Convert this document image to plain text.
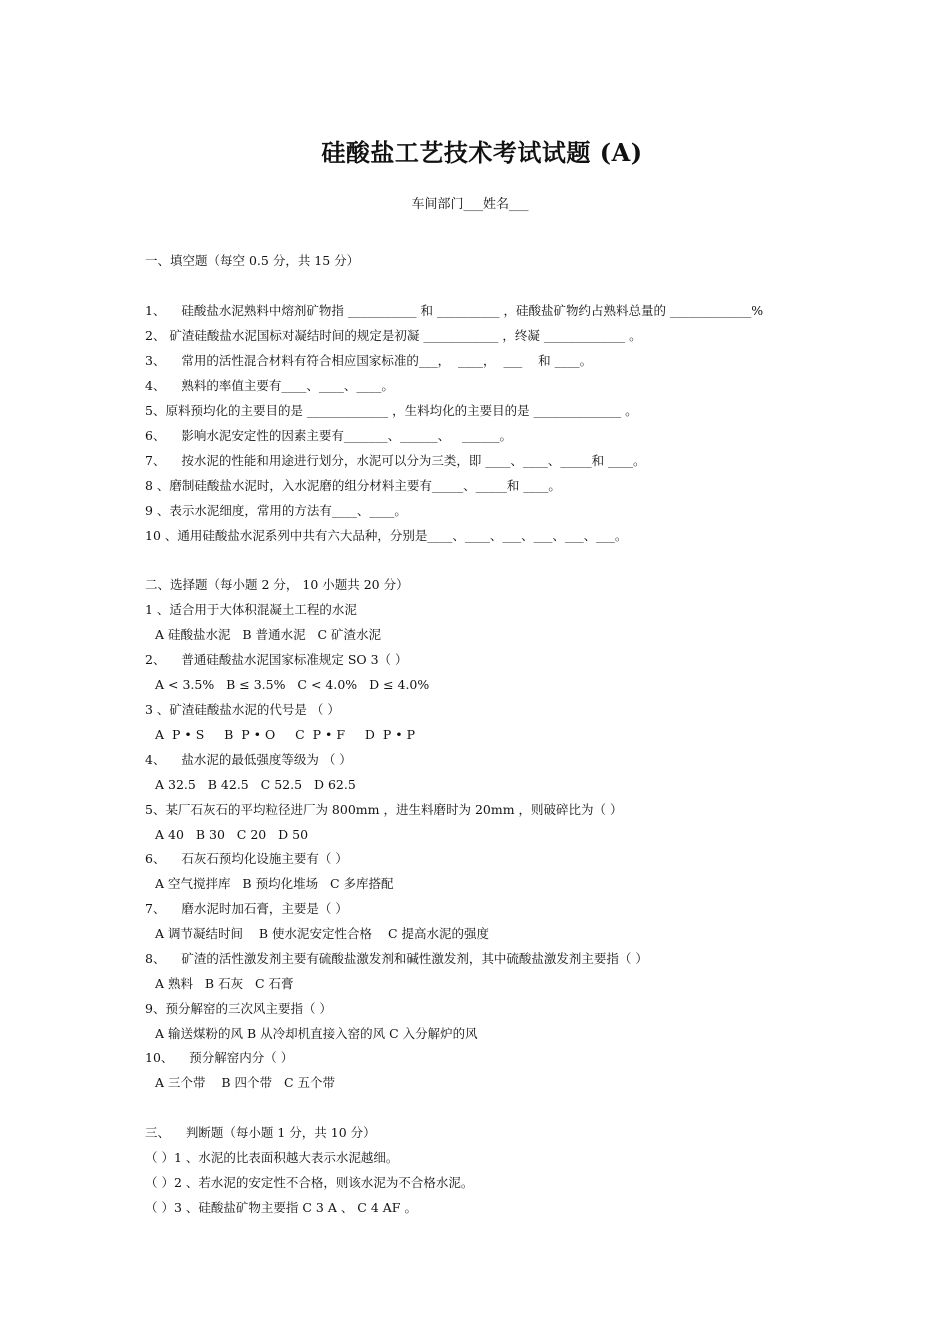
硅酸盐工艺技术考试试题 (A)
车间部门___姓名___
一、填空题（每空 0.5 分，共 15 分）
1、    硅酸盐水泥熟料中熔剂矿物指 ___________ 和 __________ ，硅酸盐矿物约占熟料总量的 _____________%
2、 矿渣硅酸盐水泥国标对凝结时间的规定是初凝 ____________ ，终凝 _____________ 。
3、    常用的活性混合材料有符合相应国家标准的___，  ____，  ___    和 ____。
4、    熟料的率值主要有____、____、____。
5、原料预均化的主要目的是 _____________ ，生料均化的主要目的是 ______________ 。
6、    影响水泥安定性的因素主要有_______、______、   ______。
7、    按水泥的性能和用途进行划分，水泥可以分为三类，即 ____、____、_____和 ____。
8 、磨制硅酸盐水泥时，入水泥磨的组分材料主要有_____、_____和 ____。
9 、表示水泥细度，常用的方法有____、____。
10 、通用硅酸盐水泥系列中共有六大品种，分别是____、____、___、___、___、___。
二、选择题（每小题 2 分， 10 小题共 20 分）
1 、适合用于大体积混凝土工程的水泥
A 硅酸盐水泥   B 普通水泥   C 矿渣水泥
2、    普通硅酸盐水泥国家标准规定 SO 3（ ）
A < 3.5%   B ≤ 3.5%   C < 4.0%   D ≤ 4.0%
3 、矿渣硅酸盐水泥的代号是 （ ）
A  P • S     B  P • O     C  P • F     D  P • P
4、    盐水泥的最低强度等级为 （ ）
A 32.5   B 42.5   C 52.5   D 62.5
5、某厂石灰石的平均粒径进厂为 800mm ，进生料磨时为 20mm ，则破碎比为（ ）
A 40   B 30   C 20   D 50
6、    石灰石预均化设施主要有（ ）
A 空气搅拌库   B 预均化堆场   C 多库搭配
7、    磨水泥时加石膏，主要是（ ）
A 调节凝结时间    B 使水泥安定性合格    C 提高水泥的强度
8、    矿渣的活性激发剂主要有硫酸盐激发剂和碱性激发剂，其中硫酸盐激发剂主要指（ ）
A 熟料   B 石灰   C 石膏
9、预分解窑的三次风主要指（ ）
A 输送煤粉的风 B 从冷却机直接入窑的风 C 入分解炉的风
10、    预分解窑内分（ ）
A 三个带    B 四个带   C 五个带
三、    判断题（每小题 1 分，共 10 分）
（ ）1 、水泥的比表面积越大表示水泥越细。
（ ）2 、若水泥的安定性不合格，则该水泥为不合格水泥。
（ ）3 、硅酸盐矿物主要指 C 3 A 、 C 4 AF 。
